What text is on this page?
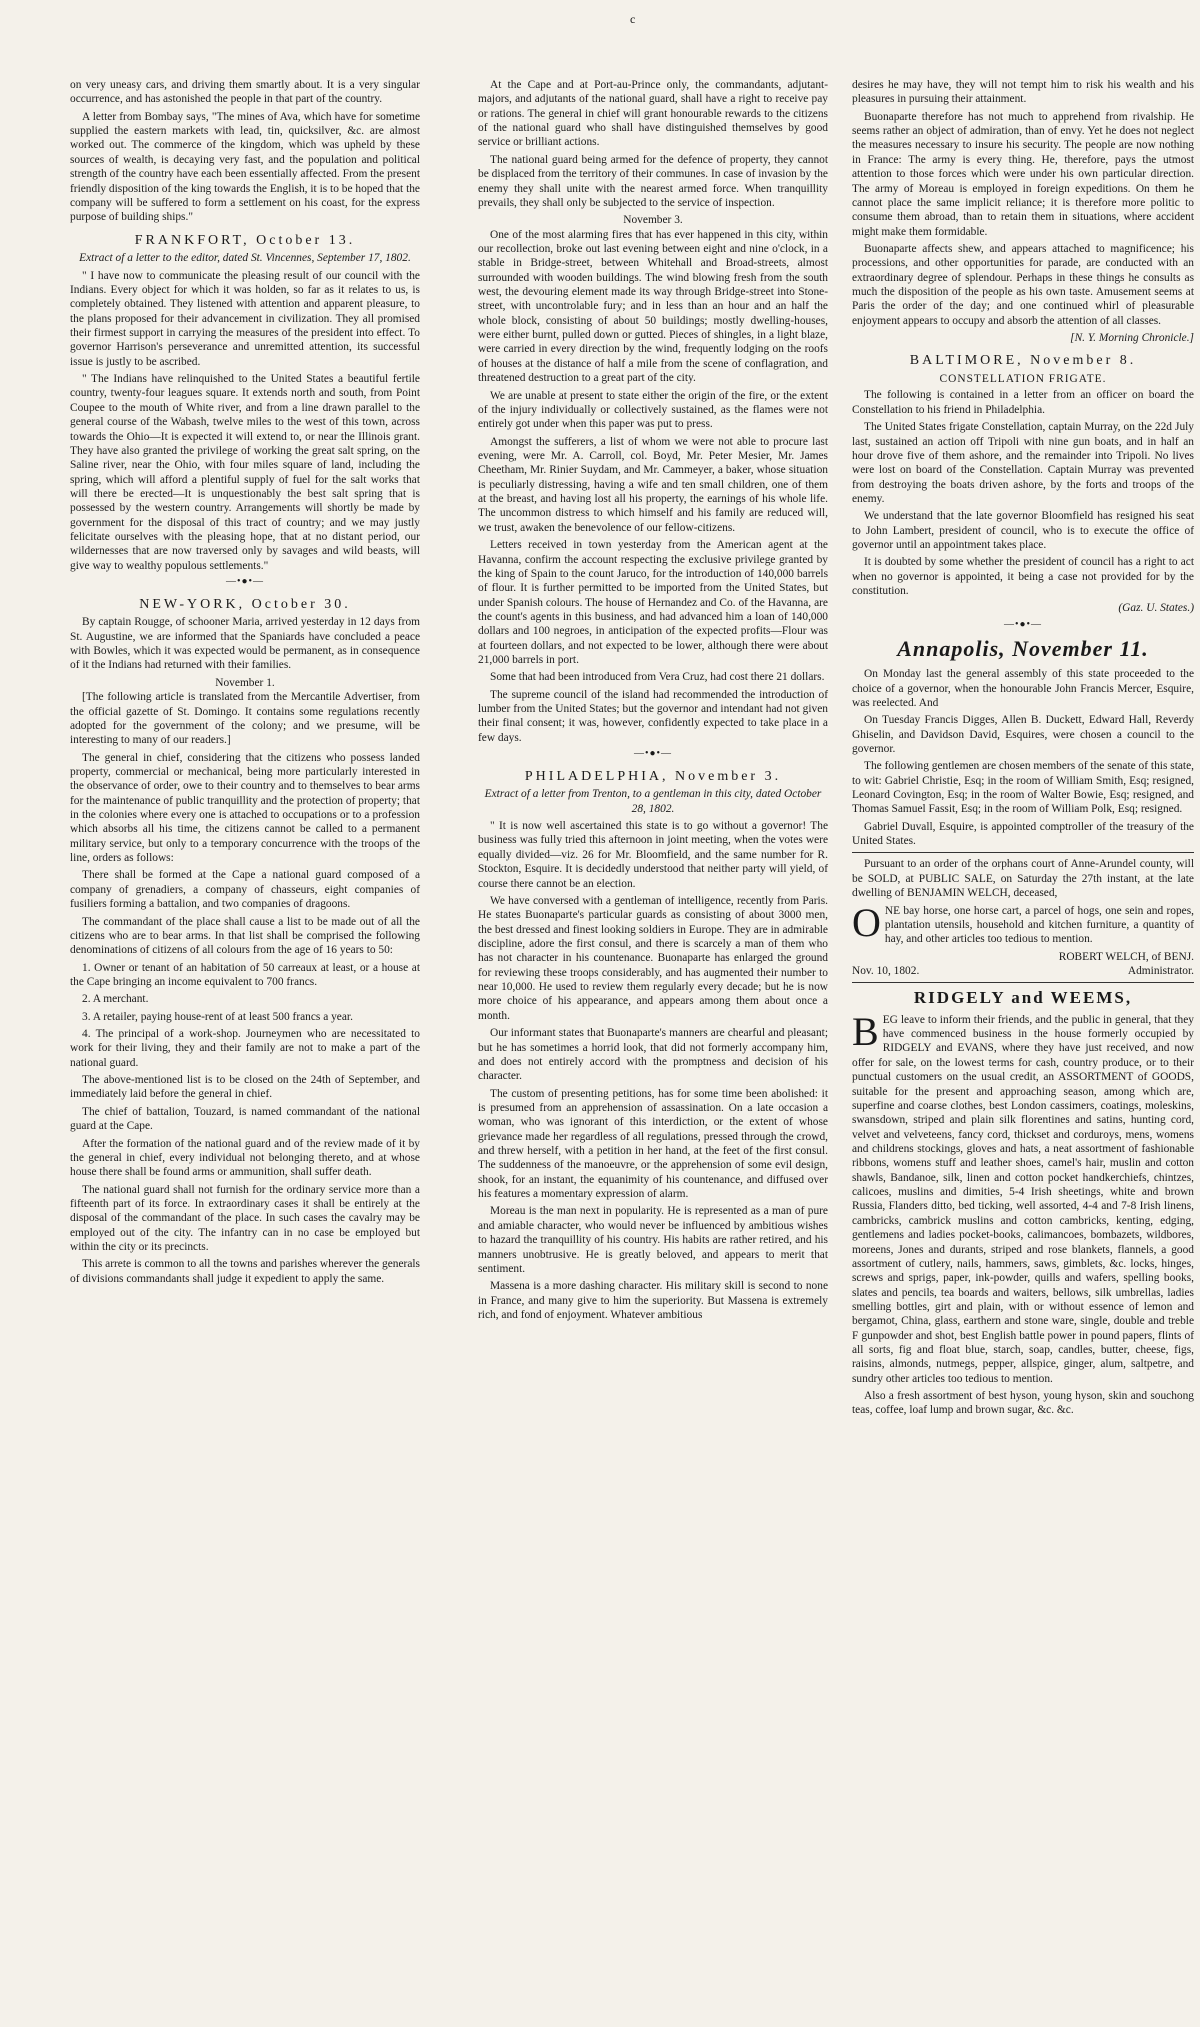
c

on very uneasy cars, and driving them smartly about. It is a very singular occurrence, and has astonished the people in that part of the country.

A letter from Bombay says, "The mines of Ava, which have for sometime supplied the eastern markets with lead, tin, quicksilver, &c. are almost worked out. The commerce of the kingdom, which was upheld by these sources of wealth, is decaying very fast, and the population and political strength of the country have each been essentially affected. From the present friendly disposition of the king towards the English, it is to be hoped that the company will be suffered to form a settlement on his coast, for the express purpose of building ships."

FRANKFORT, October 13.
Extract of a letter to the editor, dated St. Vincennes, September 17, 1802.

" I have now to communicate the pleasing result of our council with the Indians. Every object for which it was holden, so far as it relates to us, is completely obtained. They listened with attention and apparent pleasure, to the plans proposed for their advancement in civilization. They all promised their firmest support in carrying the measures of the president into effect. To governor Harrison's perseverance and unremitted attention, its successful issue is justly to be ascribed.

" The Indians have relinquished to the United States a beautiful fertile country, twenty-four leagues square. It extends north and south, from Point Coupee to the mouth of White river, and from a line drawn parallel to the general course of the Wabash, twelve miles to the west of this town, across towards the Ohio—It is expected it will extend to, or near the Illinois grant. They have also granted the privilege of working the great salt spring, on the Saline river, near the Ohio, with four miles square of land, including the spring, which will afford a plentiful supply of fuel for the salt works that will there be erected—It is unquestionably the best salt spring that is possessed by the western country. Arrangements will shortly be made by government for the disposal of this tract of country; and we may justly felicitate ourselves with the pleasing hope, that at no distant period, our wildernesses that are now traversed only by savages and wild beasts, will give way to wealthy populous settlements."

—•●•—
NEW-YORK, October 30.

By captain Rougge, of schooner Maria, arrived yesterday in 12 days from St. Augustine, we are informed that the Spaniards have concluded a peace with Bowles, which it was expected would be permanent, as in consequence of it the Indians had returned with their families.

November 1.

[The following article is translated from the Mercantile Advertiser, from the official gazette of St. Domingo. It contains some regulations recently adopted for the government of the colony; and we presume, will be interesting to many of our readers.]

The general in chief, considering that the citizens who possess landed property, commercial or mechanical, being more particularly interested in the observance of order, owe to their country and to themselves to bear arms for the maintenance of public tranquillity and the protection of property; that in the colonies where every one is attached to occupations or to a profession which absorbs all his time, the citizens cannot be called to a permanent military service, but only to a temporary concurrence with the troops of the line, orders as follows:

There shall be formed at the Cape a national guard composed of a company of grenadiers, a company of chasseurs, eight companies of fusiliers forming a battalion, and two companies of dragoons.

The commandant of the place shall cause a list to be made out of all the citizens who are to bear arms. In that list shall be comprised the following denominations of citizens of all colours from the age of 16 years to 50:

1. Owner or tenant of an habitation of 50 carreaux at least, or a house at the Cape bringing an income equivalent to 700 francs.

2. A merchant.

3. A retailer, paying house-rent of at least 500 francs a year.

4. The principal of a work-shop. Journeymen who are necessitated to work for their living, they and their family are not to make a part of the national guard.

The above-mentioned list is to be closed on the 24th of September, and immediately laid before the general in chief.

The chief of battalion, Touzard, is named commandant of the national guard at the Cape.

After the formation of the national guard and of the review made of it by the general in chief, every individual not belonging thereto, and at whose house there shall be found arms or ammunition, shall suffer death.

The national guard shall not furnish for the ordinary service more than a fifteenth part of its force. In extraordinary cases it shall be entirely at the disposal of the commandant of the place. In such cases the cavalry may be employed out of the city. The infantry can in no case be employed but within the city or its precincts.

This arrete is common to all the towns and parishes wherever the generals of divisions commandants shall judge it expedient to apply the same.

At the Cape and at Port-au-Prince only, the commandants, adjutant-majors, and adjutants of the national guard, shall have a right to receive pay or rations. The general in chief will grant honourable rewards to the citizens of the national guard who shall have distinguished themselves by good service or brilliant actions.

The national guard being armed for the defence of property, they cannot be displaced from the territory of their communes. In case of invasion by the enemy they shall unite with the nearest armed force. When tranquillity prevails, they shall only be subjected to the service of inspection.

November 3.

One of the most alarming fires that has ever happened in this city, within our recollection, broke out last evening between eight and nine o'clock, in a stable in Bridge-street, between Whitehall and Broad-streets, almost surrounded with wooden buildings. The wind blowing fresh from the south west, the devouring element made its way through Bridge-street into Stone-street, with uncontrolable fury; and in less than an hour and an half the whole block, consisting of about 50 buildings; mostly dwelling-houses, were either burnt, pulled down or gutted. Pieces of shingles, in a light blaze, were carried in every direction by the wind, frequently lodging on the roofs of houses at the distance of half a mile from the scene of conflagration, and threatened destruction to a great part of the city.

We are unable at present to state either the origin of the fire, or the extent of the injury individually or collectively sustained, as the flames were not entirely got under when this paper was put to press.

Amongst the sufferers, a list of whom we were not able to procure last evening, were Mr. A. Carroll, col. Boyd, Mr. Peter Mesier, Mr. James Cheetham, Mr. Rinier Suydam, and Mr. Cammeyer, a baker, whose situation is peculiarly distressing, having a wife and ten small children, one of them at the breast, and having lost all his property, the earnings of his whole life. The uncommon distress to which himself and his family are reduced will, we trust, awaken the benevolence of our fellow-citizens.

Letters received in town yesterday from the American agent at the Havanna, confirm the account respecting the exclusive privilege granted by the king of Spain to the count Jaruco, for the introduction of 140,000 barrels of flour. It is further permitted to be imported from the United States, but under Spanish colours. The house of Hernandez and Co. of the Havanna, are the count's agents in this business, and had advanced him a loan of 140,000 dollars and 100 negroes, in anticipation of the expected profits—Flour was at fourteen dollars, and not expected to be lower, although there were about 21,000 barrels in port.

Some that had been introduced from Vera Cruz, had cost there 21 dollars.

The supreme council of the island had recommended the introduction of lumber from the United States; but the governor and intendant had not given their final consent; it was, however, confidently expected to take place in a few days.

—•●•—
PHILADELPHIA, November 3.
Extract of a letter from Trenton, to a gentleman in this city, dated October 28, 1802.

" It is now well ascertained this state is to go without a governor! The business was fully tried this afternoon in joint meeting, when the votes were equally divided—viz. 26 for Mr. Bloomfield, and the same number for R. Stockton, Esquire. It is decidedly understood that neither party will yield, of course there cannot be an election.

We have conversed with a gentleman of intelligence, recently from Paris. He states Buonaparte's particular guards as consisting of about 3000 men, the best dressed and finest looking soldiers in Europe. They are in admirable discipline, adore the first consul, and there is scarcely a man of them who has not character in his countenance. Buonaparte has enlarged the ground for reviewing these troops considerably, and has augmented their number to near 10,000. He used to review them regularly every decade; but he is now more choice of his appearance, and appears among them about once a month.

Our informant states that Buonaparte's manners are chearful and pleasant; but he has sometimes a horrid look, that did not formerly accompany him, and does not entirely accord with the promptness and decision of his character.

The custom of presenting petitions, has for some time been abolished: it is presumed from an apprehension of assassination. On a late occasion a woman, who was ignorant of this interdiction, or the extent of whose grievance made her regardless of all regulations, pressed through the crowd, and threw herself, with a petition in her hand, at the feet of the first consul. The suddenness of the manoeuvre, or the apprehension of some evil design, shook, for an instant, the equanimity of his countenance, and diffused over his features a momentary expression of alarm.

Moreau is the man next in popularity. He is represented as a man of pure and amiable character, who would never be influenced by ambitious wishes to hazard the tranquillity of his country. His habits are rather retired, and his manners unobtrusive. He is greatly beloved, and appears to merit that sentiment.

Massena is a more dashing character. His military skill is second to none in France, and many give to him the superiority. But Massena is extremely rich, and fond of enjoyment. Whatever ambitious

desires he may have, they will not tempt him to risk his wealth and his pleasures in pursuing their attainment.

Buonaparte therefore has not much to apprehend from rivalship. He seems rather an object of admiration, than of envy. Yet he does not neglect the measures necessary to insure his security. The people are now nothing in France: The army is every thing. He, therefore, pays the utmost attention to those forces which were under his own particular direction. The army of Moreau is employed in foreign expeditions. On them he cannot place the same implicit reliance; it is therefore more politic to consume them abroad, than to retain them in situations, where accident might make them formidable.

Buonaparte affects shew, and appears attached to magnificence; his processions, and other opportunities for parade, are conducted with an extraordinary degree of splendour. Perhaps in these things he consults as much the disposition of the people as his own taste. Amusement seems at Paris the order of the day; and one continued whirl of pleasurable enjoyment appears to occupy and absorb the attention of all classes.

[N. Y. Morning Chronicle.]
BALTIMORE, November 8.
CONSTELLATION FRIGATE.

The following is contained in a letter from an officer on board the Constellation to his friend in Philadelphia.

The United States frigate Constellation, captain Murray, on the 22d July last, sustained an action off Tripoli with nine gun boats, and in half an hour drove five of them ashore, and the remainder into Tripoli. No lives were lost on board of the Constellation. Captain Murray was prevented from destroying the boats driven ashore, by the forts and troops of the enemy.

We understand that the late governor Bloomfield has resigned his seat to John Lambert, president of council, who is to execute the office of governor until an appointment takes place.

It is doubted by some whether the president of council has a right to act when no governor is appointed, it being a case not provided for by the constitution.

(Gaz. U. States.)
—•●•—
Annapolis, November 11.

On Monday last the general assembly of this state proceeded to the choice of a governor, when the honourable John Francis Mercer, Esquire, was reelected. And

On Tuesday Francis Digges, Allen B. Duckett, Edward Hall, Reverdy Ghiselin, and Davidson David, Esquires, were chosen a council to the governor.

The following gentlemen are chosen members of the senate of this state, to wit: Gabriel Christie, Esq; in the room of William Smith, Esq; resigned, Leonard Covington, Esq; in the room of Walter Bowie, Esq; resigned, and Thomas Samuel Fassit, Esq; in the room of William Polk, Esq; resigned.

Gabriel Duvall, Esquire, is appointed comptroller of the treasury of the United States.

Pursuant to an order of the orphans court of Anne-Arundel county, will be SOLD, at PUBLIC SALE, on Saturday the 27th instant, at the late dwelling of BENJAMIN WELCH, deceased,

ONE bay horse, one horse cart, a parcel of hogs, one sein and ropes, plantation utensils, household and kitchen furniture, a quantity of hay, and other articles too tedious to mention.

ROBERT WELCH, of BENJ.
Nov. 10, 1802.	Administrator.
RIDGELY and WEEMS,

BEG leave to inform their friends, and the public in general, that they have commenced business in the house formerly occupied by RIDGELY and EVANS, where they have just received, and now offer for sale, on the lowest terms for cash, country produce, or to their punctual customers on the usual credit, an ASSORTMENT of GOODS, suitable for the present and approaching season, among which are, superfine and coarse clothes, best London cassimers, coatings, moleskins, swansdown, striped and plain silk florentines and satins, hunting cord, velvet and velveteens, fancy cord, thickset and corduroys, mens, womens and childrens stockings, gloves and hats, a neat assortment of fashionable ribbons, womens stuff and leather shoes, camel's hair, muslin and cotton shawls, Bandanoe, silk, linen and cotton pocket handkerchiefs, chintzes, calicoes, muslins and dimities, 5-4 Irish sheetings, white and brown Russia, Flanders ditto, bed ticking, well assorted, 4-4 and 7-8 Irish linens, cambricks, cambrick muslins and cotton cambricks, kenting, edging, gentlemens and ladies pocket-books, calimancoes, bombazets, wildbores, moreens, Jones and durants, striped and rose blankets, flannels, a good assortment of cutlery, nails, hammers, saws, gimblets, &c. locks, hinges, screws and sprigs, paper, ink-powder, quills and wafers, spelling books, slates and pencils, tea boards and waiters, bellows, silk umbrellas, ladies smelling bottles, girt and plain, with or without essence of lemon and bergamot, China, glass, earthern and stone ware, single, double and treble F gunpowder and shot, best English battle power in pound papers, flints of all sorts, fig and float blue, starch, soap, candles, butter, cheese, figs, raisins, almonds, nutmegs, pepper, allspice, ginger, alum, saltpetre, and sundry other articles too tedious to mention.

Also a fresh assortment of best hyson, young hyson, skin and souchong teas, coffee, loaf lump and brown sugar, &c. &c.
